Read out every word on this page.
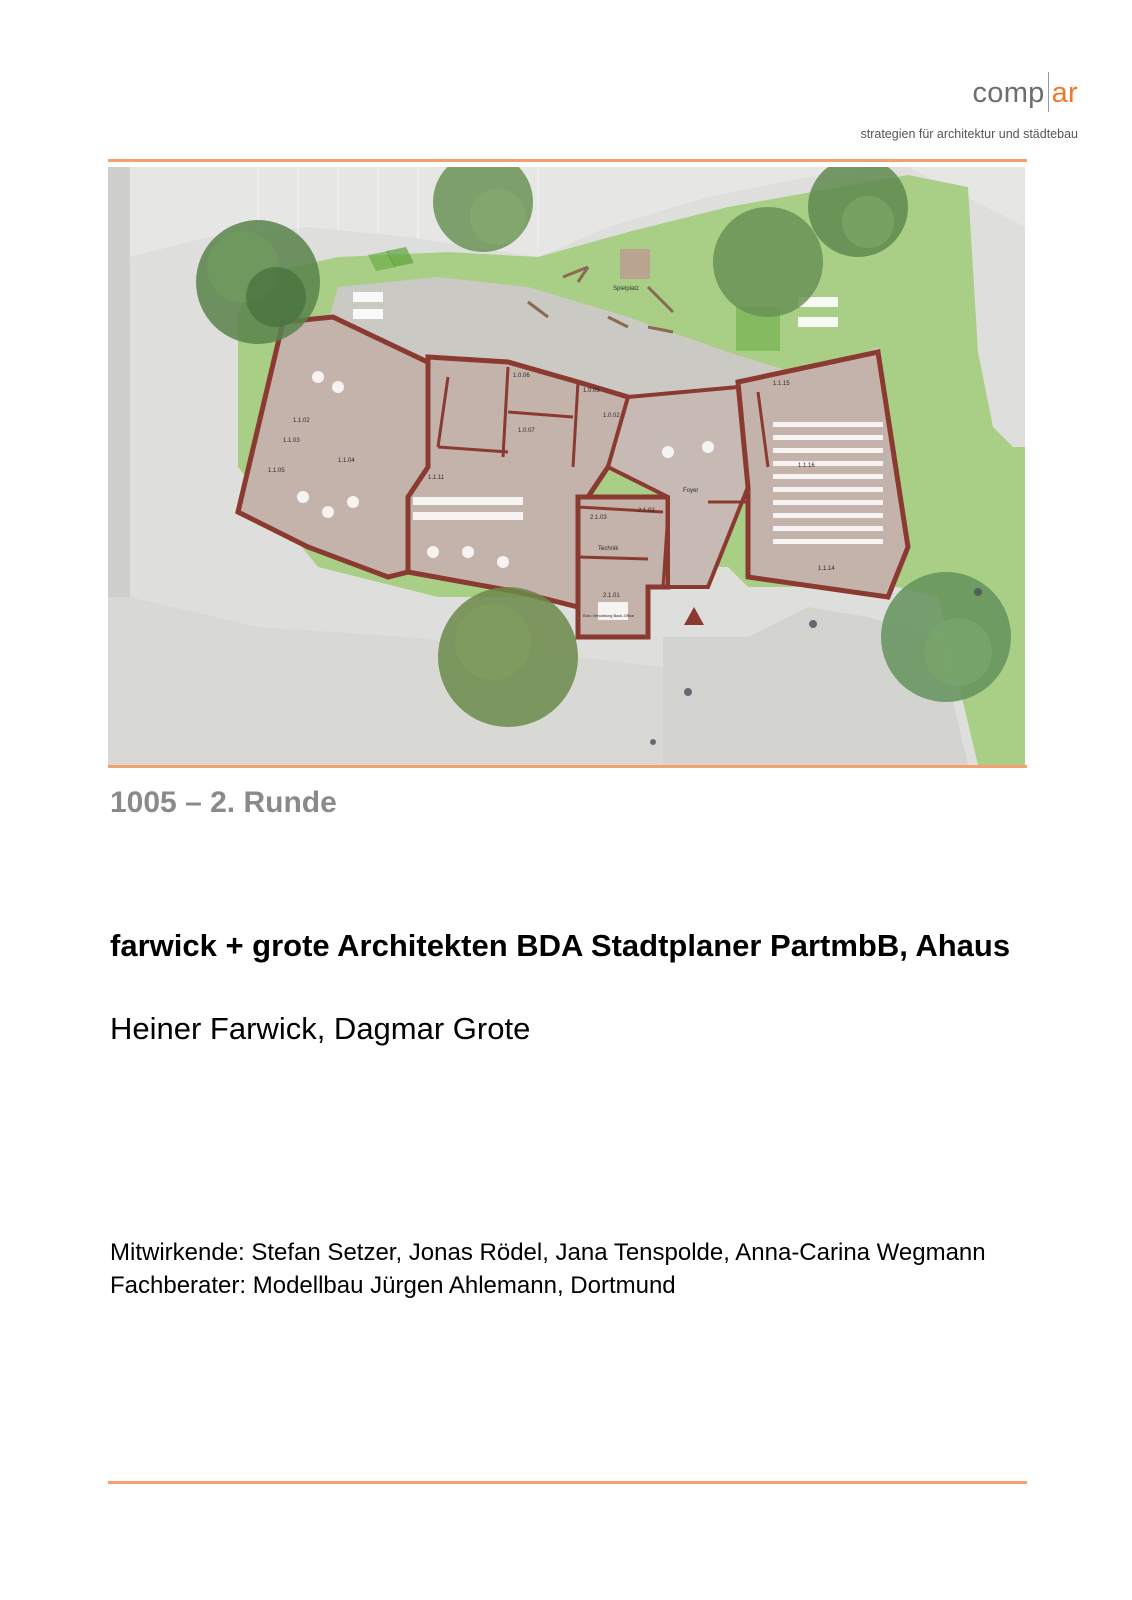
comp ar
strategien für architektur und städtebau
Spielplatz
1.1.02
1.1.03
1.1.05
1.1.04
1.1.11
1.0.06
1.0.05
1.0.07
1.0.02
2.1.03
2.1.02
2.1.01
Technik
Büro Verwaltung Back-Office
Foyer
1.1.15
1.1.16
1.1.14
1005 – 2. Runde
farwick + grote Architekten BDA Stadtplaner PartmbB, Ahaus
Heiner Farwick, Dagmar Grote
Mitwirkende: Stefan Setzer, Jonas Rödel, Jana Tenspolde, Anna-Carina Wegmann
Fachberater: Modellbau Jürgen Ahlemann, Dortmund
